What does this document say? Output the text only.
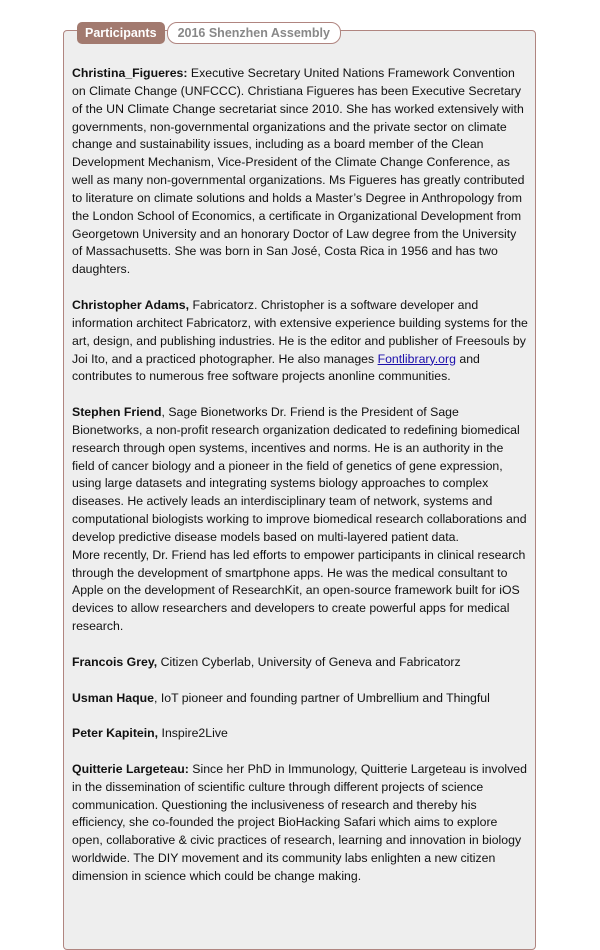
Participants	2016 Shenzhen Assembly

Christina_Figueres: Executive Secretary United Nations Framework Convention on Climate Change (UNFCCC). Christiana Figueres has been Executive Secretary of the UN Climate Change secretariat since 2010. She has worked extensively with governments, non-governmental organizations and the private sector on climate change and sustainability issues, including as a board member of the Clean Development Mechanism, Vice-President of the Climate Change Conference, as well as many non-governmental organizations. Ms Figueres has greatly contributed to literature on climate solutions and holds a Master’s Degree in Anthropology from the London School of Economics, a certificate in Organizational Development from Georgetown University and an honorary Doctor of Law degree from the University of Massachusetts. She was born in San José, Costa Rica in 1956 and has two daughters.

Christopher Adams, Fabricatorz. Christopher is a software developer and information architect Fabricatorz, with extensive experience building systems for the art, design, and publishing industries. He is the editor and publisher of Freesouls by Joi Ito, and a practiced photographer. He also manages Fontlibrary.org and contributes to numerous free software projects anonline communities.

Stephen Friend, Sage Bionetworks Dr. Friend is the President of Sage Bionetworks, a non-profit research organization dedicated to redefining biomedical research through open systems, incentives and norms. He is an authority in the field of cancer biology and a pioneer in the field of genetics of gene expression, using large datasets and integrating systems biology approaches to complex diseases. He actively leads an interdisciplinary team of network, systems and computational biologists working to improve biomedical research collaborations and develop predictive disease models based on multi-layered patient data.

More recently, Dr. Friend has led efforts to empower participants in clinical research through the development of smartphone apps. He was the medical consultant to Apple on the development of ResearchKit, an open-source framework built for iOS devices to allow researchers and developers to create powerful apps for medical research.

Francois Grey, Citizen Cyberlab, University of Geneva and Fabricatorz

Usman Haque, IoT pioneer and founding partner of Umbrellium and Thingful

Peter Kapitein, Inspire2Live

Quitterie Largeteau: Since her PhD in Immunology, Quitterie Largeteau is involved in the dissemination of scientific culture through different projects of science communication. Questioning the inclusiveness of research and thereby his efficiency, she co-founded the project BioHacking Safari which aims to explore open, collaborative & civic practices of research, learning and innovation in biology worldwide. The DIY movement and its community labs enlighten a new citizen dimension in science which could be change making.
